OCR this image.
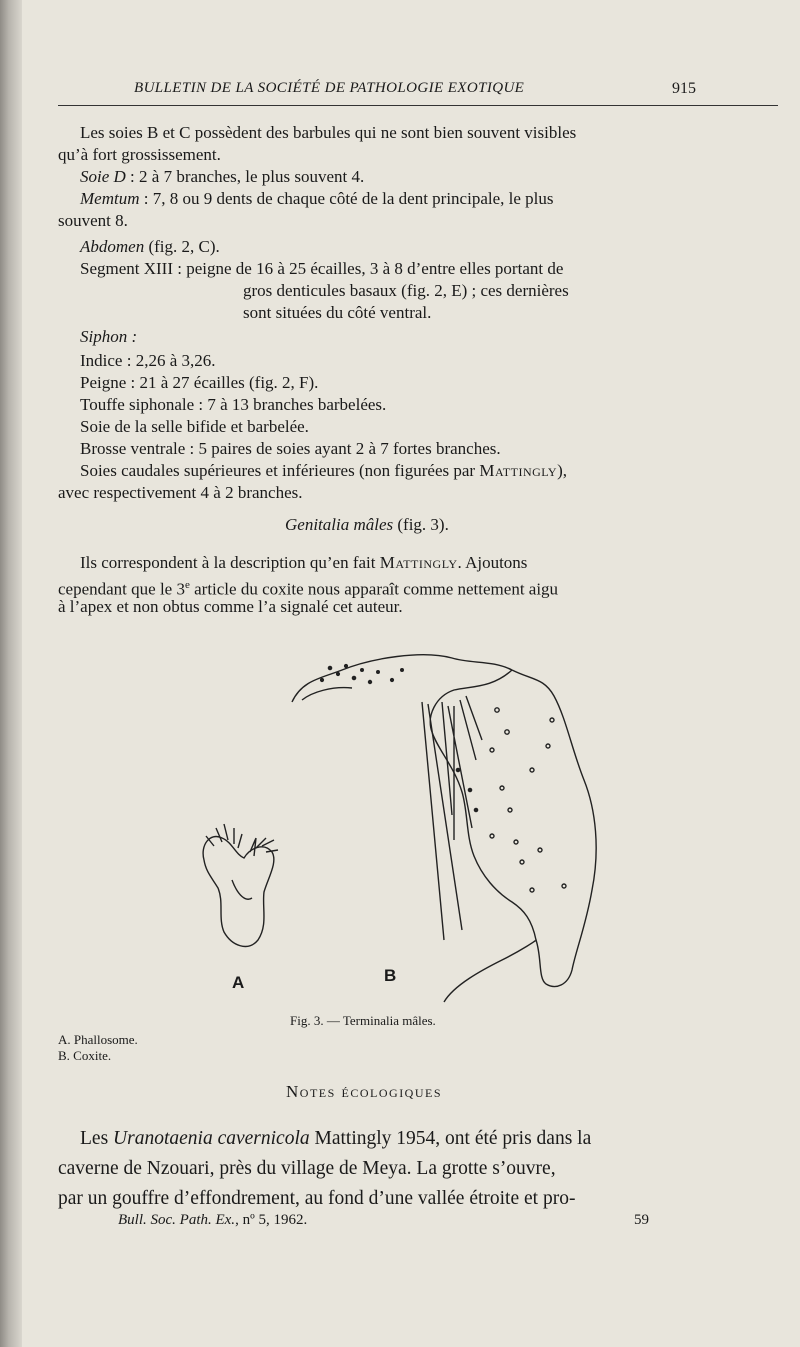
BULLETIN DE LA SOCIÉTÉ DE PATHOLOGIE EXOTIQUE	915
Les soies B et C possèdent des barbules qui ne sont bien souvent visibles
qu’à fort grossissement.
Soie D : 2 à 7 branches, le plus souvent 4.
Memtum : 7, 8 ou 9 dents de chaque côté de la dent principale, le plus
souvent 8.
Abdomen (fig. 2, C).
Segment XIII : peigne de 16 à 25 écailles, 3 à 8 d’entre elles portant de
gros denticules basaux (fig. 2, E) ; ces dernières
sont situées du côté ventral.
Siphon :
Indice : 2,26 à 3,26.
Peigne : 21 à 27 écailles (fig. 2, F).
Touffe siphonale : 7 à 13 branches barbelées.
Soie de la selle bifide et barbelée.
Brosse ventrale : 5 paires de soies ayant 2 à 7 fortes branches.
Soies caudales supérieures et inférieures (non figurées par Mattingly),
avec respectivement 4 à 2 branches.
Genitalia mâles (fig. 3).
Ils correspondent à la description qu’en fait Mattingly. Ajoutons
cependant que le 3e article du coxite nous apparaît comme nettement aigu
à l’apex et non obtus comme l’a signalé cet auteur.
A	B
Fig. 3. — Terminalia mâles.
A. Phallosome.
B. Coxite.
Notes écologiques
Les Uranotaenia cavernicola Mattingly 1954, ont été pris dans la
caverne de Nzouari, près du village de Meya. La grotte s’ouvre,
par un gouffre d’effondrement, au fond d’une vallée étroite et pro-
Bull. Soc. Path. Ex., nº 5, 1962.	59
